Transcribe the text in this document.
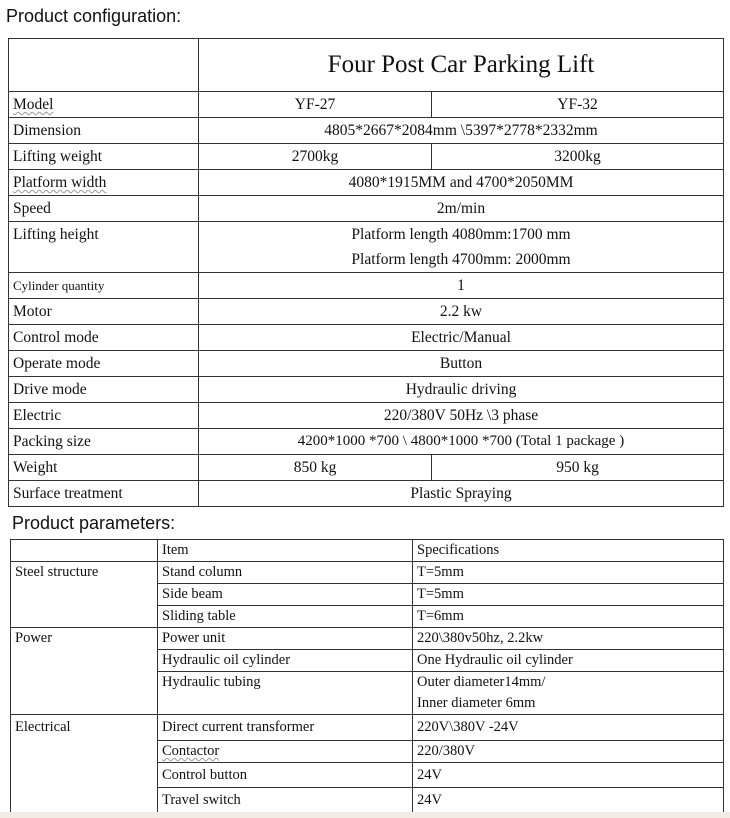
Product configuration:
	Four Post Car Parking Lift	
Model	YF-27	YF-32
Dimension	4805*2667*2084mm \5397*2778*2332mm	
Lifting weight	2700kg	3200kg
Platform width	4080*1915MM and 4700*2050MM	
Speed	2m/min	
Lifting height	Platform length 4080mm:1700 mm
Platform length 4700mm: 2000mm	

Cylinder quantity	1	
Motor	2.2 kw	
Control mode	Electric/Manual	
Operate mode	Button	
Drive mode	Hydraulic driving	
Electric	220/380V 50Hz \3 phase	
Packing size	4200*1000 *700 \ 4800*1000 *700 (Total 1 package )	
Weight	850 kg	950 kg
Surface treatment	Plastic Spraying	
Product parameters:
	Item	Specifications
Steel structure	Stand column	T=5mm
	Side beam	T=5mm
	Sliding table	T=6mm
Power	Power unit	220\380v50hz, 2.2kw
	Hydraulic oil cylinder	One Hydraulic oil cylinder
	Hydraulic tubing	Outer diameter14mm/
		Inner diameter 6mm
Electrical	Direct current transformer	220V\380V -24V
	Contactor	220/380V
	Control button	24V
	Travel switch	24V
